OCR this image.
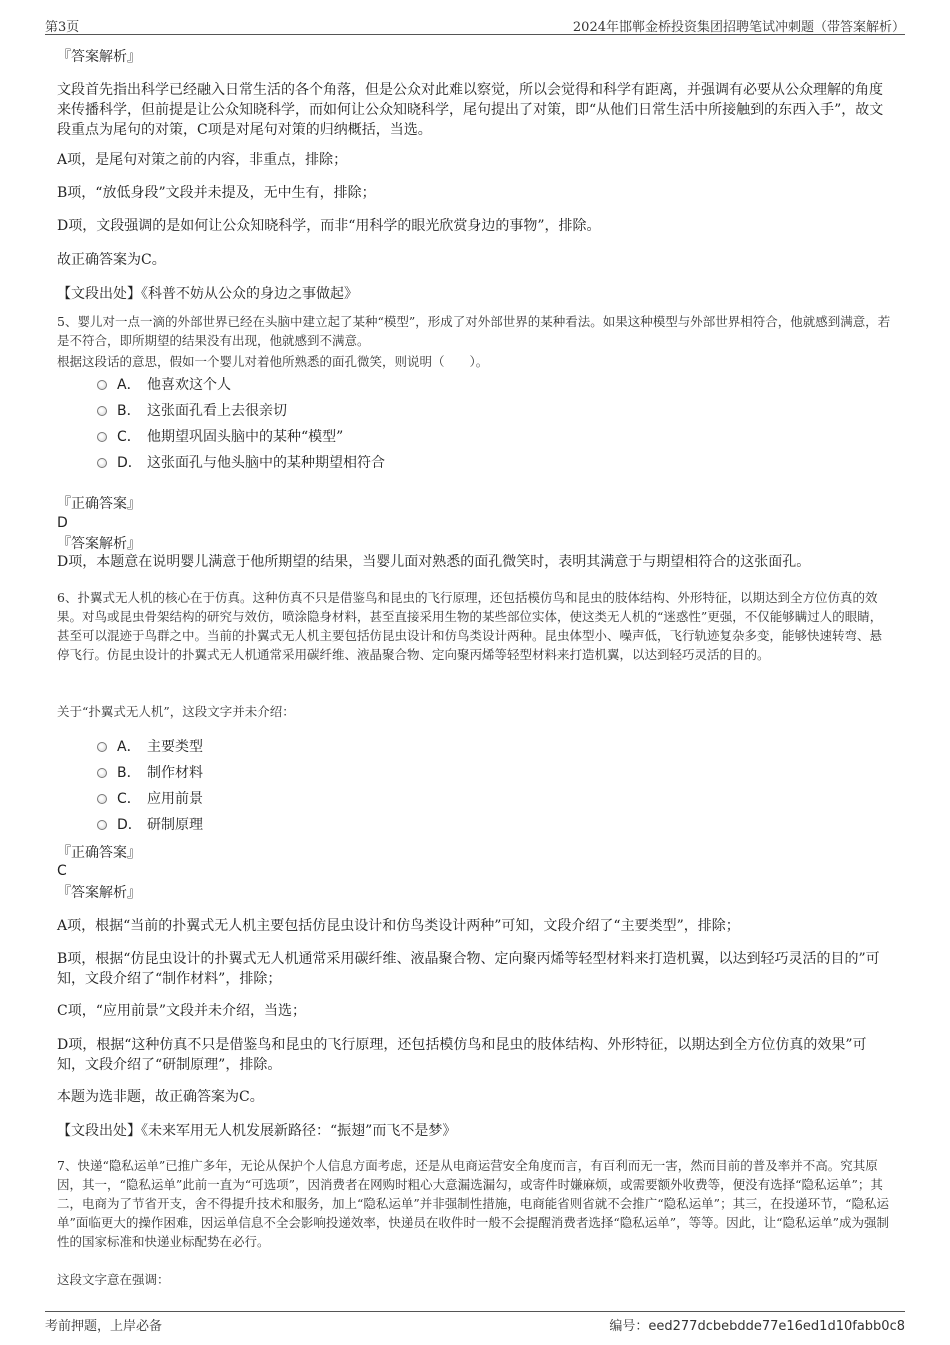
第3页	2024年邯郸金桥投资集团招聘笔试冲刺题（带答案解析）
『答案解析』
文段首先指出科学已经融入日常生活的各个角落，但是公众对此难以察觉，所以会觉得和科学有距离，并强调有必要从公众理解的角度来传播科学，但前提是让公众知晓科学，而如何让公众知晓科学，尾句提出了对策，即“从他们日常生活中所接触到的东西入手”，故文段重点为尾句的对策，C项是对尾句对策的归纳概括，当选。
A项，是尾句对策之前的内容，非重点，排除；
B项，“放低身段”文段并未提及，无中生有，排除；
D项，文段强调的是如何让公众知晓科学，而非“用科学的眼光欣赏身边的事物”，排除。
故正确答案为C。
【文段出处】《科普不妨从公众的身边之事做起》
5、婴儿对一点一滴的外部世界已经在头脑中建立起了某种“模型”，形成了对外部世界的某种看法。如果这种模型与外部世界相符合，他就感到满意，若是不符合，即所期望的结果没有出现，他就感到不满意。
根据这段话的意思，假如一个婴儿对着他所熟悉的面孔微笑，则说明（　　）。
A． 他喜欢这个人
B． 这张面孔看上去很亲切
C． 他期望巩固头脑中的某种“模型”
D． 这张面孔与他头脑中的某种期望相符合
『正确答案』
D
『答案解析』
D项，本题意在说明婴儿满意于他所期望的结果，当婴儿面对熟悉的面孔微笑时，表明其满意于与期望相符合的这张面孔。
6、扑翼式无人机的核心在于仿真。这种仿真不只是借鉴鸟和昆虫的飞行原理，还包括模仿鸟和昆虫的肢体结构、外形特征，以期达到全方位仿真的效果。对鸟或昆虫骨架结构的研究与效仿，喷涂隐身材料，甚至直接采用生物的某些部位实体，使这类无人机的“迷惑性”更强，不仅能够瞒过人的眼睛，甚至可以混迹于鸟群之中。当前的扑翼式无人机主要包括仿昆虫设计和仿鸟类设计两种。昆虫体型小、噪声低，飞行轨迹复杂多变，能够快速转弯、悬停飞行。仿昆虫设计的扑翼式无人机通常采用碳纤维、液晶聚合物、定向聚丙烯等轻型材料来打造机翼，以达到轻巧灵活的目的。
关于“扑翼式无人机”，这段文字并未介绍：
A． 主要类型
B． 制作材料
C． 应用前景
D． 研制原理
『正确答案』
C
『答案解析』
A项，根据“当前的扑翼式无人机主要包括仿昆虫设计和仿鸟类设计两种”可知，文段介绍了“主要类型”，排除；
B项，根据“仿昆虫设计的扑翼式无人机通常采用碳纤维、液晶聚合物、定向聚丙烯等轻型材料来打造机翼，以达到轻巧灵活的目的”可知，文段介绍了“制作材料”，排除；
C项，“应用前景”文段并未介绍，当选；
D项，根据“这种仿真不只是借鉴鸟和昆虫的飞行原理，还包括模仿鸟和昆虫的肢体结构、外形特征，以期达到全方位仿真的效果”可知，文段介绍了“研制原理”，排除。
本题为选非题，故正确答案为C。
【文段出处】《未来军用无人机发展新路径：“振翅”而飞不是梦》
7、快递“隐私运单”已推广多年，无论从保护个人信息方面考虑，还是从电商运营安全角度而言，有百利而无一害，然而目前的普及率并不高。究其原因，其一，“隐私运单”此前一直为“可选项”，因消费者在网购时粗心大意漏选漏勾，或寄件时嫌麻烦，或需要额外收费等，便没有选择“隐私运单”；其二，电商为了节省开支，舍不得提升技术和服务，加上“隐私运单”并非强制性措施，电商能省则省就不会推广“隐私运单”；其三，在投递环节，“隐私运单”面临更大的操作困难，因运单信息不全会影响投递效率，快递员在收件时一般不会提醒消费者选择“隐私运单”，等等。因此，让“隐私运单”成为强制性的国家标准和快递业标配势在必行。
这段文字意在强调：
考前押题，上岸必备	编号：eed277dcbebdde77e16ed1d10fabb0c8
